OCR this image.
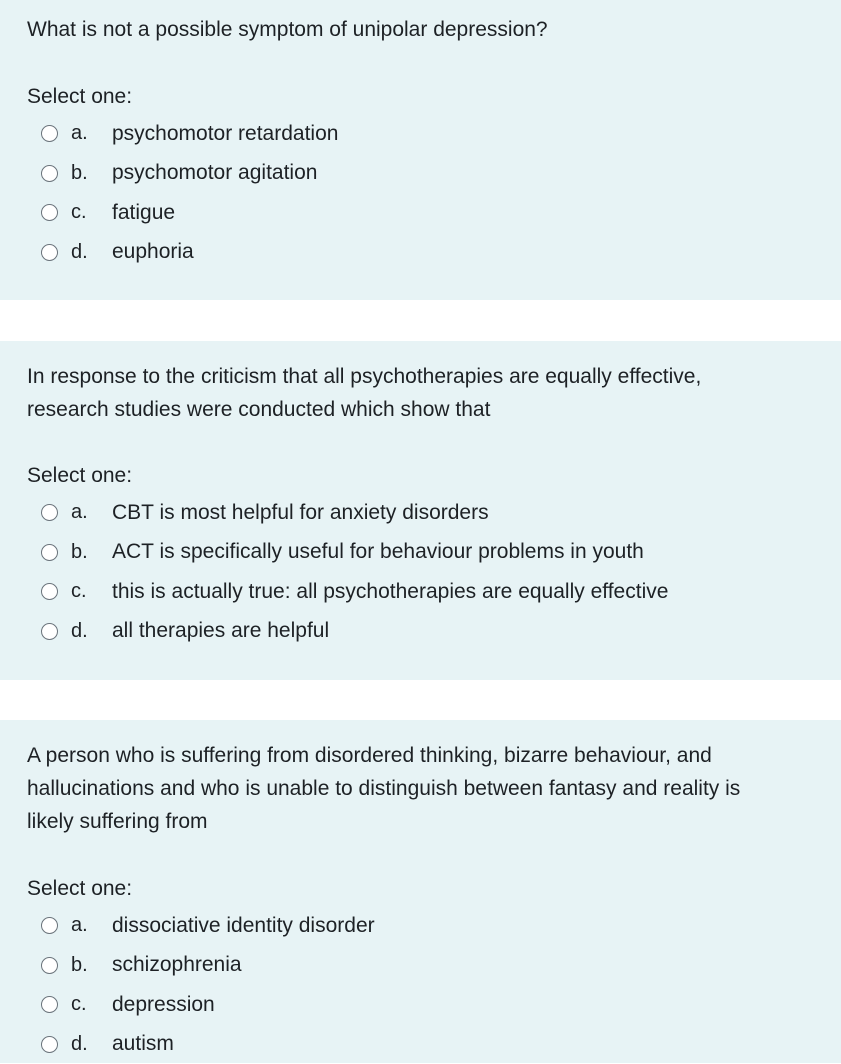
What is not a possible symptom of unipolar depression?

Select one:

a.	psychomotor retardation
b.	psychomotor agitation
c.	fatigue
d.	euphoria

In response to the criticism that all psychotherapies are equally effective,
research studies were conducted which show that

Select one:

a.	CBT is most helpful for anxiety disorders
b.	ACT is specifically useful for behaviour problems in youth
c.	this is actually true: all psychotherapies are equally effective
d.	all therapies are helpful

A person who is suffering from disordered thinking, bizarre behaviour, and
hallucinations and who is unable to distinguish between fantasy and reality is
likely suffering from

Select one:

a.	dissociative identity disorder
b.	schizophrenia
c.	depression
d.	autism
